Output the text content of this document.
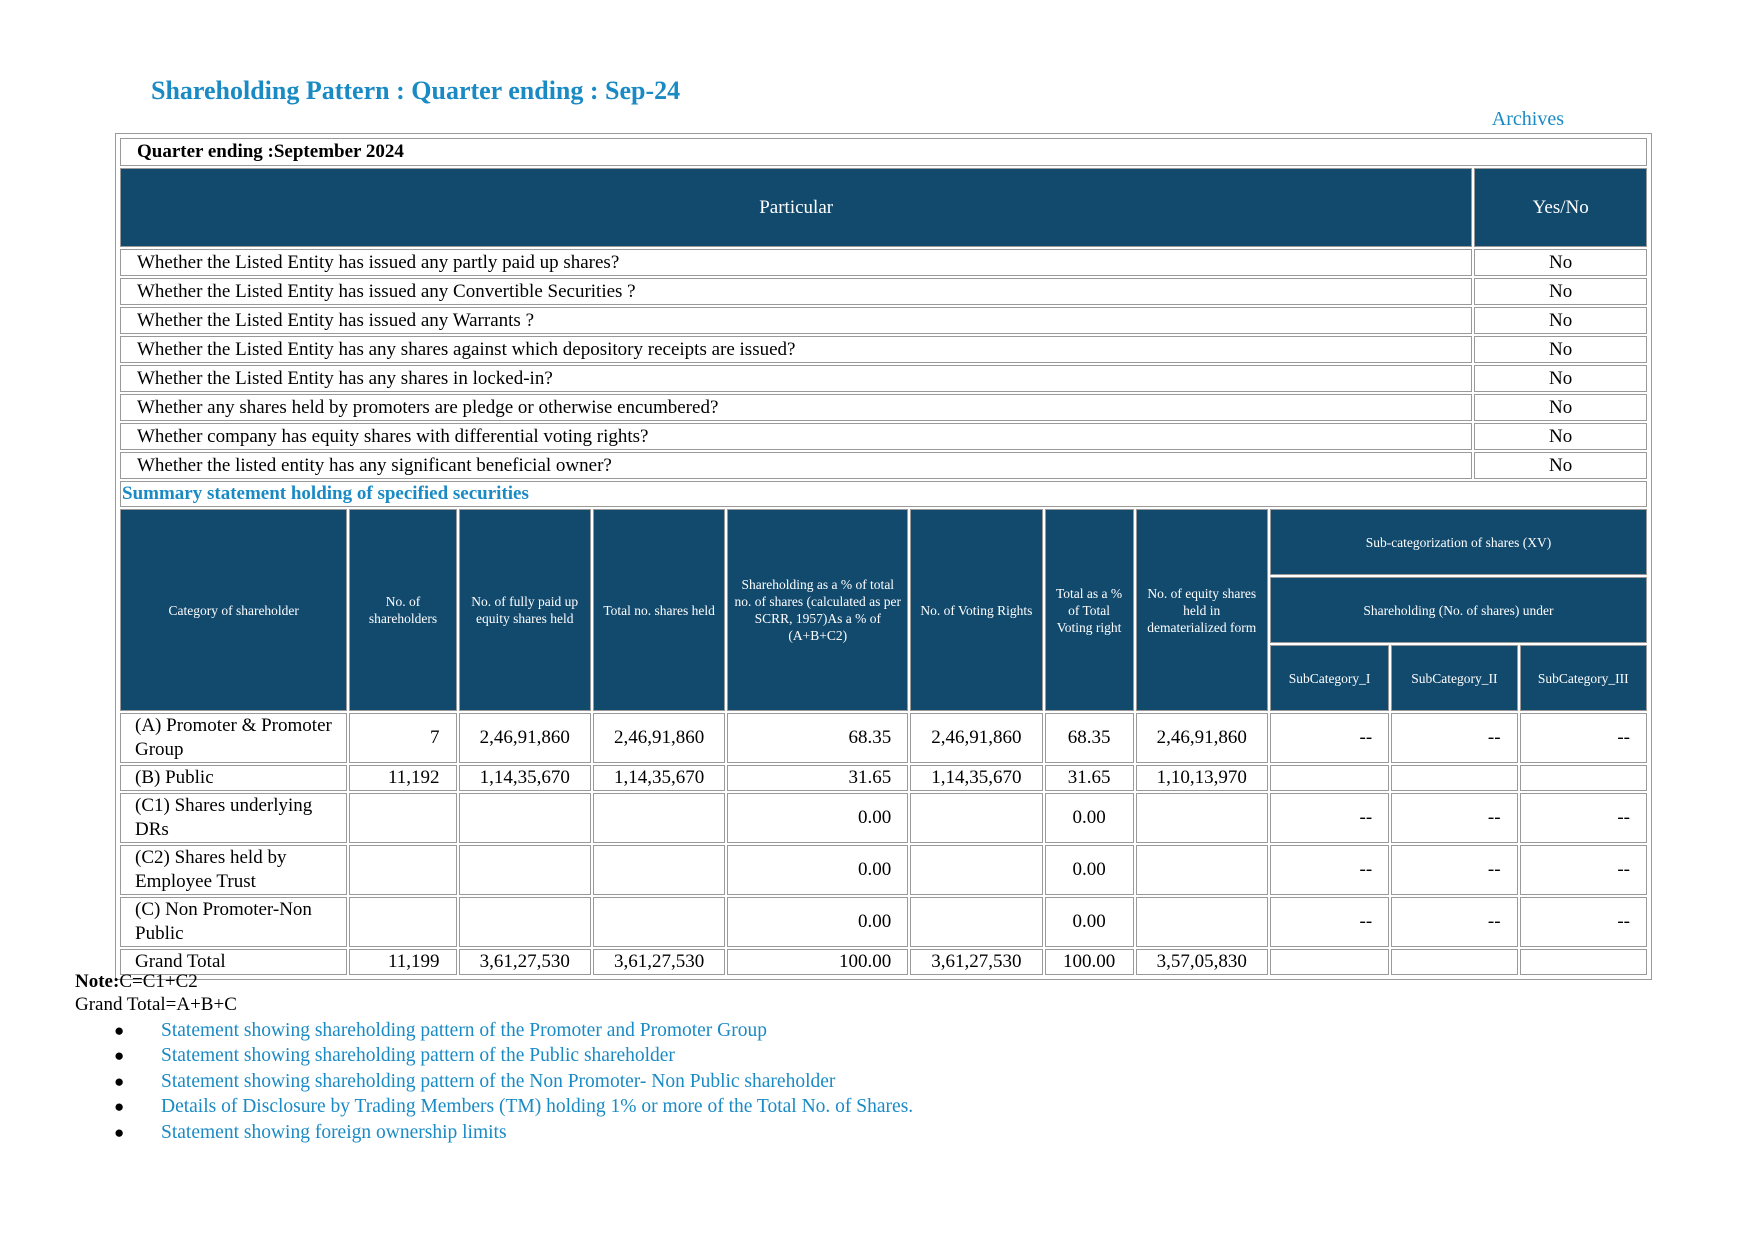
Shareholding Pattern : Quarter ending : Sep-24
Archives
Quarter ending :September 2024	
Particular	Yes/No
Whether the Listed Entity has issued any partly paid up shares?	No
Whether the Listed Entity has issued any Convertible Securities ?	No
Whether the Listed Entity has issued any Warrants ?	No
Whether the Listed Entity has any shares against which depository receipts are issued?	No
Whether the Listed Entity has any shares in locked-in?	No
Whether any shares held by promoters are pledge or otherwise encumbered?	No
Whether company has equity shares with differential voting rights?	No
Whether the listed entity has any significant beneficial owner?	No
Summary statement holding of specified securities	
Category of shareholder	No. of shareholders	No. of fully paid up equity shares held	Total no. shares held	Shareholding as a % of total no. of shares (calculated as per SCRR, 1957)As a % of (A+B+C2)	No. of Voting Rights	Total as a % of Total Voting right	No. of equity shares held in dematerialized form	Sub-categorization of shares (XV)		
								Shareholding (No. of shares) under		
								SubCategory_I	SubCategory_II	SubCategory_III
(A) Promoter & Promoter Group	7	2,46,91,860	2,46,91,860	68.35	2,46,91,860	68.35	2,46,91,860	--	--	--
(B) Public	11,192	1,14,35,670	1,14,35,670	31.65	1,14,35,670	31.65	1,10,13,970			
(C1) Shares underlying DRs				0.00		0.00		--	--	--
(C2) Shares held by Employee Trust				0.00		0.00		--	--	--
(C) Non Promoter-Non Public				0.00		0.00		--	--	--
Grand Total	11,199	3,61,27,530	3,61,27,530	100.00	3,61,27,530	100.00	3,57,05,830			
Note:C=C1+C2
Grand Total=A+B+C
●	Statement showing shareholding pattern of the Promoter and Promoter Group
●	Statement showing shareholding pattern of the Public shareholder
●	Statement showing shareholding pattern of the Non Promoter- Non Public shareholder
●	Details of Disclosure by Trading Members (TM) holding 1% or more of the Total No. of Shares.
●	Statement showing foreign ownership limits
